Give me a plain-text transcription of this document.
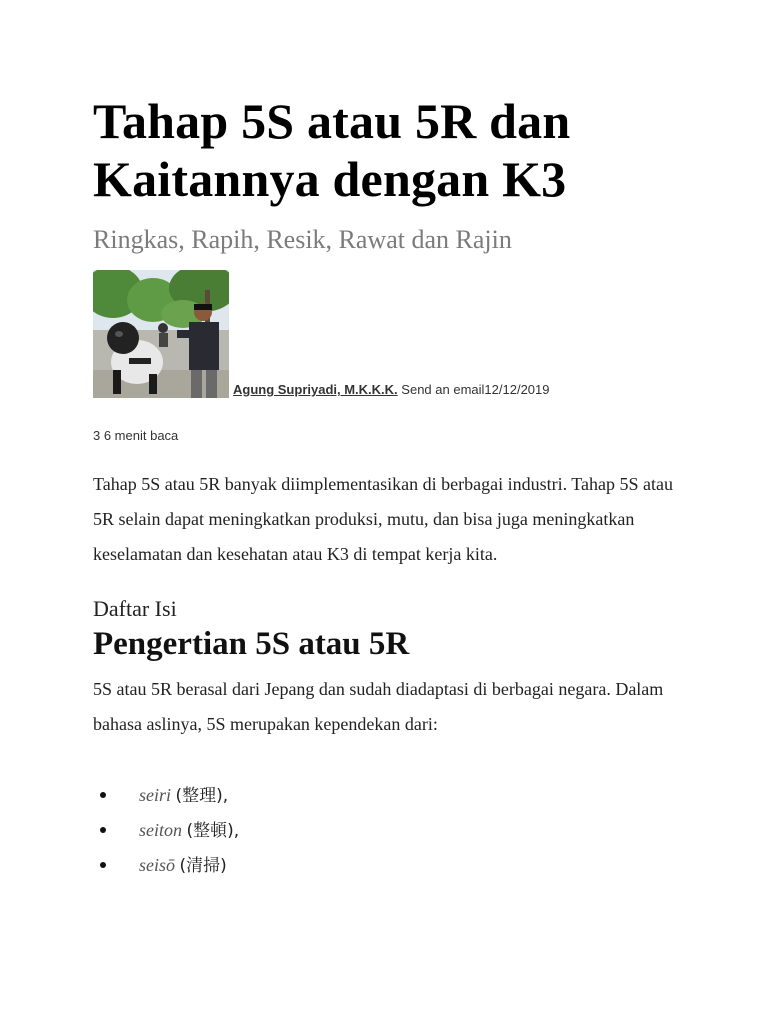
Tahap 5S atau 5R dan Kaitannya dengan K3
Ringkas, Rapih, Resik, Rawat dan Rajin
Agung Supriyadi, M.K.K.K. Send an email12/12/2019
3 6 menit baca

Tahap 5S atau 5R banyak diimplementasikan di berbagai industri. Tahap 5S atau 5R selain dapat meningkatkan produksi, mutu, dan bisa juga meningkatkan keselamatan dan kesehatan atau K3 di tempat kerja kita.

Daftar Isi
Pengertian 5S atau 5R

5S atau 5R berasal dari Jepang dan sudah diadaptasi di berbagai negara. Dalam bahasa aslinya, 5S merupakan kependekan dari:

seiri (整理),
seiton (整頓),
seisō (清掃)
